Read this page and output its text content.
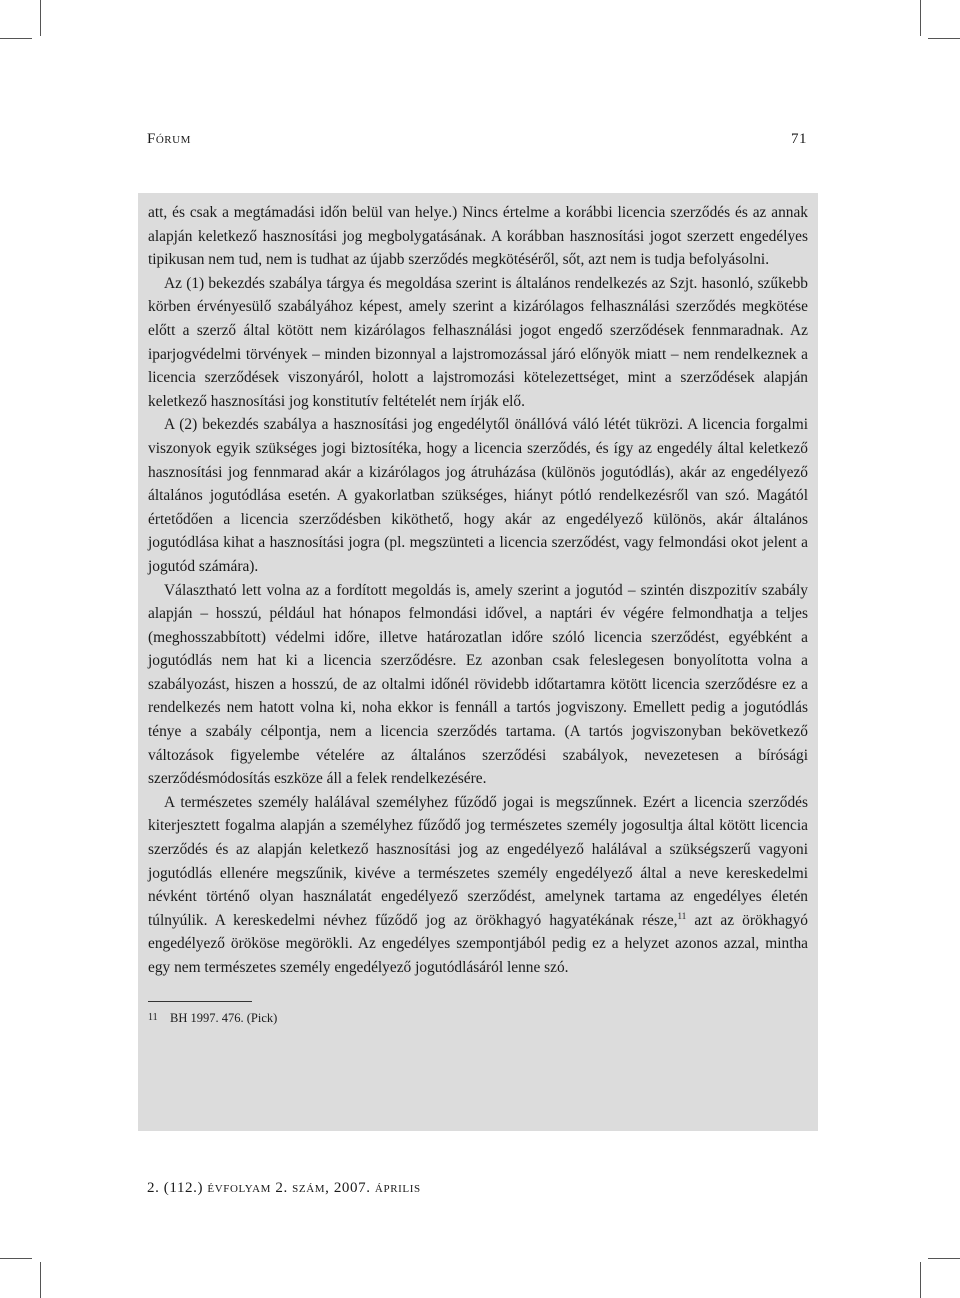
Fórum	71

att, és csak a megtámadási időn belül van helye.) Nincs értelme a korábbi licencia szerződés és az annak alapján keletkező hasznosítási jog megbolygatásának. A korábban hasznosítási jogot szerzett engedélyes tipikusan nem tud, nem is tudhat az újabb szerződés megkötéséről, sőt, azt nem is tudja befolyásolni.

Az (1) bekezdés szabálya tárgya és megoldása szerint is általános rendelkezés az Szjt. hasonló, szűkebb körben érvényesülő szabályához képest, amely szerint a kizárólagos felhasználási szerződés megkötése előtt a szerző által kötött nem kizárólagos felhasználási jogot engedő szerződések fennmaradnak. Az iparjogvédelmi törvények – minden bizonnyal a lajstromozással járó előnyök miatt – nem rendelkeznek a licencia szerződések viszonyáról, holott a lajstromozási kötelezettséget, mint a szerződések alapján keletkező hasznosítási jog konstitutív feltételét nem írják elő.

A (2) bekezdés szabálya a hasznosítási jog engedélytől önállóvá váló létét tükrözi. A licencia forgalmi viszonyok egyik szükséges jogi biztosítéka, hogy a licencia szerződés, és így az engedély által keletkező hasznosítási jog fennmarad akár a kizárólagos jog átruházása (különös jogutódlás), akár az engedélyező általános jogutódlása esetén. A gyakorlatban szükséges, hiányt pótló rendelkezésről van szó. Magától értetődően a licencia szerződésben kiköthető, hogy akár az engedélyező különös, akár általános jogutódlása kihat a hasznosítási jogra (pl. megszünteti a licencia szerződést, vagy felmondási okot jelent a jogutód számára).

Választható lett volna az a fordított megoldás is, amely szerint a jogutód – szintén diszpozitív szabály alapján – hosszú, például hat hónapos felmondási idővel, a naptári év végére felmondhatja a teljes (meghosszabbított) védelmi időre, illetve határozatlan időre szóló licencia szerződést, egyébként a jogutódlás nem hat ki a licencia szerződésre. Ez azonban csak feleslegesen bonyolította volna a szabályozást, hiszen a hosszú, de az oltalmi időnél rövidebb időtartamra kötött licencia szerződésre ez a rendelkezés nem hatott volna ki, noha ekkor is fennáll a tartós jogviszony. Emellett pedig a jogutódlás ténye a szabály célpontja, nem a licencia szerződés tartama. (A tartós jogviszonyban bekövetkező változások figyelembe vételére az általános szerződési szabályok, nevezetesen a bírósági szerződésmódosítás eszköze áll a felek rendelkezésére.

A természetes személy halálával személyhez fűződő jogai is megszűnnek. Ezért a licencia szerződés kiterjesztett fogalma alapján a személyhez fűződő jog természetes személy jogosultja által kötött licencia szerződés és az alapján keletkező hasznosítási jog az engedélyező halálával a szükségszerű vagyoni jogutódlás ellenére megszűnik, kivéve a természetes személy engedélyező által a neve kereskedelmi névként történő olyan használatát engedélyező szerződést, amelynek tartama az engedélyes életén túlnyúlik. A kereskedelmi névhez fűződő jog az örökhagyó hagyatékának része,$^{11}$ azt az örökhagyó engedélyező örököse megörökli. Az engedélyes szempontjából pedig ez a helyzet azonos azzal, mintha egy nem természetes személy engedélyező jogutódlásáról lenne szó.

11 BH 1997. 476. (Pick)
2. (112.) évfolyam 2. szám, 2007. április
